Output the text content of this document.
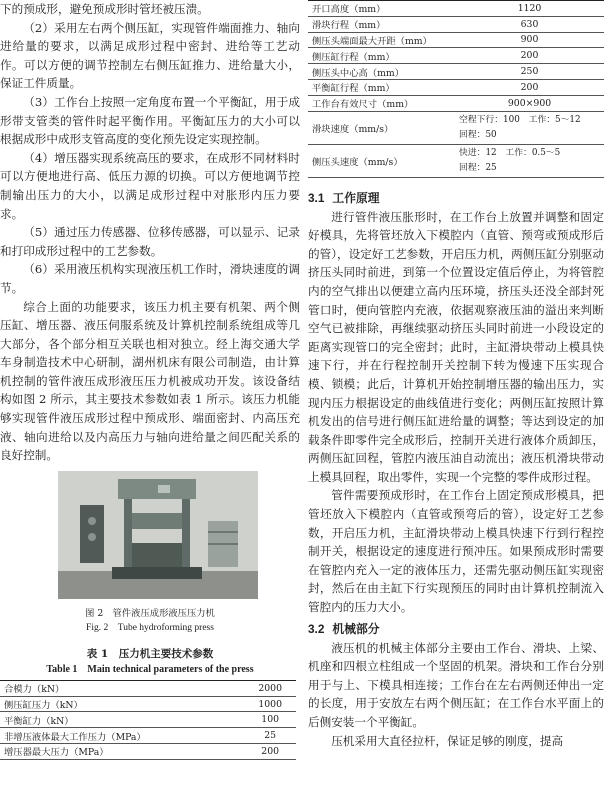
下的预成形，避免预成形时管坯被压溃。

（2）采用左右两个侧压缸，实现管件端面推力、轴向进给量的要求，以满足成形过程中密封、进给等工艺动作。可以方便的调节控制左右侧压缸推力、进给量大小，保证工件质量。

（3）工作台上按照一定角度布置一个平衡缸，用于成形带支管类的管件时起平衡作用。平衡缸压力的大小可以根据成形中成形支管高度的变化预先设定实现控制。

（4）增压器实现系统高压的要求，在成形不同材料时可以方便地进行高、低压力源的切换。可以方便地调节控制输出压力的大小，以满足成形过程中对胀形内压力要求。

（5）通过压力传感器、位移传感器，可以显示、记录和打印成形过程中的工艺参数。

（6）采用液压机构实现液压机工作时，滑块速度的调节。

综合上面的功能要求，该压力机主要有机架、两个侧压缸、增压器、液压伺服系统及计算机控制系统组成等几大部分，各个部分相互关联也相对独立。经上海交通大学车身制造技术中心研制，湖州机床有限公司制造，由计算机控制的管件液压成形液压压力机被成功开发。该设备结构如图 2 所示，其主要技术参数如表 1 所示。该压力机能够实现管件液压成形过程中预成形、端面密封、内高压充液、轴向进给以及内高压力与轴向进给量之间匹配关系的良好控制。

图 2　管件液压成形液压压力机
Fig. 2　Tube hydroforming press
表 1　压力机主要技术参数
Table 1　Main technical parameters of the press
合模力（kN）	2000
侧压缸压力（kN）	1000
平衡缸力（kN）	100
非增压液体最大工作压力（MPa）	25
增压器最大压力（MPa）	200
开口高度（mm）	1120
滑块行程（mm）	630
侧压头端面最大开距（mm）	900
侧压缸行程（mm）	200
侧压头中心高（mm）	250
平衡缸行程（mm）	200
工作台有效尺寸（mm）	900×900
滑块速度（mm/s）	空程下行：100　工作：5～12
回程：50

侧压头速度（mm/s）	快进：12　工作：0.5～5
回程：25
3.1 工作原理

进行管件液压胀形时，在工作台上放置并调整和固定好模具，先将管坯放入下模腔内（直管、预弯或预成形后的管），设定好工艺参数，开启压力机，两侧压缸分别驱动挤压头同时前进，到第一个位置设定值后停止，为将管腔内的空气排出以便建立高内压环境，挤压头还没全部封死管口时，便向管腔内充液，依据观察液压油的溢出来判断空气已被排除，再继续驱动挤压头同时前进一小段设定的距离实现管口的完全密封；此时，主缸滑块带动上模具快速下行，并在行程控制开关控制下转为慢速下压实现合模、锁模；此后，计算机开始控制增压器的输出压力，实现内压力根据设定的曲线值进行变化；两侧压缸按照计算机发出的信号进行侧压缸进给量的调整；等达到设定的加载条件即零件完全成形后，控制开关进行液体介质卸压，两侧压缸回程，管腔内液压油自动流出；液压机滑块带动上模具回程，取出零件，实现一个完整的零件成形过程。

管件需要预成形时，在工作台上固定预成形模具，把管坯放入下模腔内（直管或预弯后的管），设定好工艺参数，开启压力机，主缸滑块带动上模具快速下行到行程控制开关，根据设定的速度进行预冲压。如果预成形时需要在管腔内充入一定的液体压力，还需先驱动侧压缸实现密封，然后在由主缸下行实现预压的同时由计算机控制流入管腔内的压力大小。

3.2 机械部分

液压机的机械主体部分主要由工作台、滑块、上梁、机座和四根立柱组成一个坚固的机架。滑块和工作台分别用于与上、下模具相连接；工作台在左右两侧还伸出一定的长度，用于安放左右两个侧压缸；在工作台水平面上的后侧安装一个平衡缸。

压机采用大直径拉杆，保证足够的刚度，提高
